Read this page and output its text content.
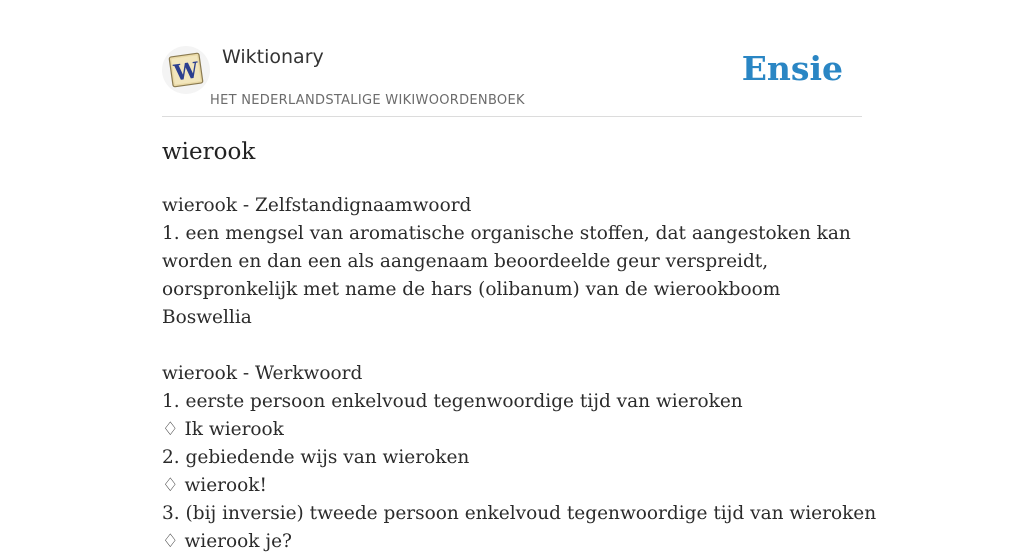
W
Wiktionary
HET NEDERLANDSTALIGE WIKIWOORDENBOEK
Ensie
wierook
wierook - Zelfstandignaamwoord
1. een mengsel van aromatische organische stoffen, dat aangestoken kan worden en dan een als aangenaam beoordeelde geur verspreidt, oorspronkelijk met name de hars (olibanum) van de wierookboom Boswellia
wierook - Werkwoord
1. eerste persoon enkelvoud tegenwoordige tijd van wieroken
♢ Ik wierook
2. gebiedende wijs van wieroken
♢ wierook!
3. (bij inversie) tweede persoon enkelvoud tegenwoordige tijd van wieroken
♢ wierook je?
